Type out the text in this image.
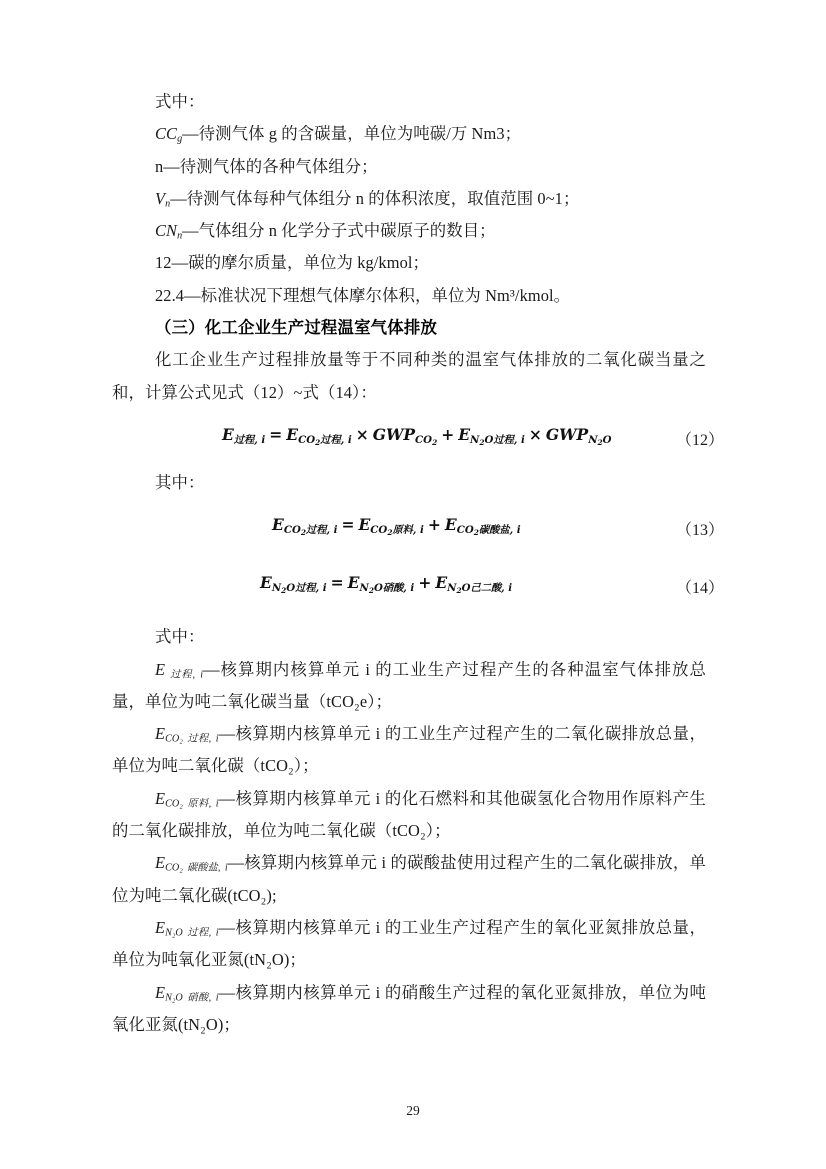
式中：
$CC_g—$待测气体 g 的含碳量，单位为吨碳/万 Nm3；
n—待测气体的各种气体组分；
$V_n—$待测气体每种气体组分 n 的体积浓度，取值范围 0~1；
$CN_n—$气体组分 n 化学分子式中碳原子的数目；
12—碳的摩尔质量，单位为 kg/kmol；
22.4—标准状况下理想气体摩尔体积，单位为 Nm³/kmol。
（三）化工企业生产过程温室气体排放
化工企业生产过程排放量等于不同种类的温室气体排放的二氧化碳当量之和，计算公式见式（12）~式（14）：
E过程, $i = ECO_2$过程, $i \times GWPCO_2 + EN_2O$过程, $i \times GWPN_2O$	（12）
其中：
$ECO_2$过程, $i = ECO_2$原料, $i + ECO_2$碳酸盐, i	（13）
$EN_2O$过程, $i = EN_2O$硝酸, $i + EN_2O$己二酸, i	（14）
式中：
E 过程, i—核算期内核算单元 i 的工业生产过程产生的各种温室气体排放总量，单位为吨二氧化碳当量（tCO₂e）；
$E_{CO_2}$ 过程, i—核算期内核算单元 i 的工业生产过程产生的二氧化碳排放总量，单位为吨二氧化碳（tCO₂）；
$E_{CO_2}$ 原料, i—核算期内核算单元 i 的化石燃料和其他碳氢化合物用作原料产生的二氧化碳排放，单位为吨二氧化碳（tCO₂）；
$E_{CO_2}$ 碳酸盐, i—核算期内核算单元 i 的碳酸盐使用过程产生的二氧化碳排放，单位为吨二氧化碳(tCO₂);
$E_{N_2O}$ 过程, i—核算期内核算单元 i 的工业生产过程产生的氧化亚氮排放总量，单位为吨氧化亚氮(tN₂O)；
$E_{N_2O}$ 硝酸, i—核算期内核算单元 i 的硝酸生产过程的氧化亚氮排放，单位为吨氧化亚氮(tN₂O)；
29
